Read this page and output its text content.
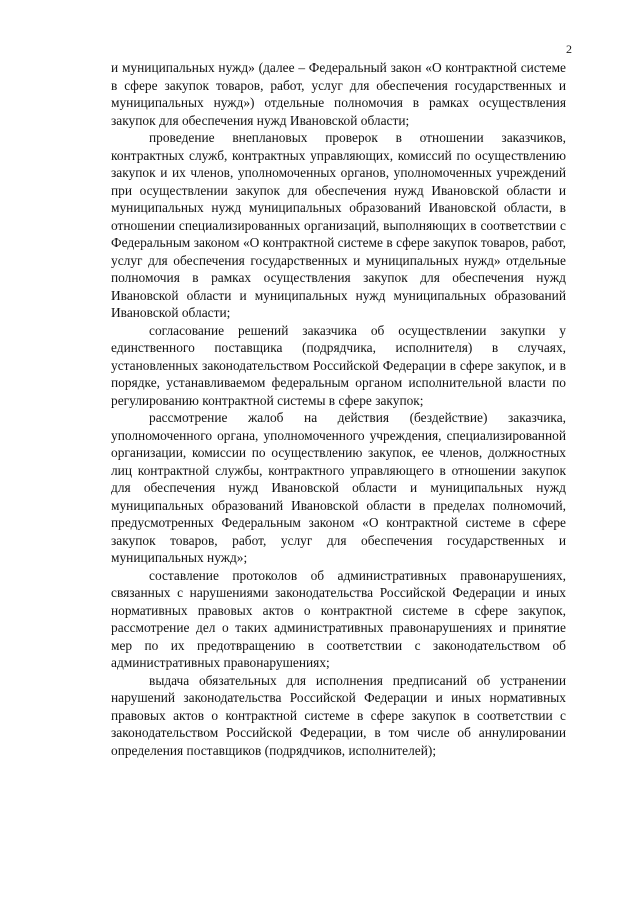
2

и муниципальных нужд» (далее – Федеральный закон «О контрактной системе в сфере закупок товаров, работ, услуг для обеспечения государственных и муниципальных нужд») отдельные полномочия в рамках осуществления закупок для обеспечения нужд Ивановской области;

проведение внеплановых проверок в отношении заказчиков, контрактных служб, контрактных управляющих, комиссий по осуществлению закупок и их членов, уполномоченных органов, уполномоченных учреждений при осуществлении закупок для обеспечения нужд Ивановской области и муниципальных нужд муниципальных образований Ивановской области, в отношении специализированных организаций, выполняющих в соответствии с Федеральным законом «О контрактной системе в сфере закупок товаров, работ, услуг для обеспечения государственных и муниципальных нужд» отдельные полномочия в рамках осуществления закупок для обеспечения нужд Ивановской области и муниципальных нужд муниципальных образований Ивановской области;

согласование решений заказчика об осуществлении закупки у единственного поставщика (подрядчика, исполнителя) в случаях, установленных законодательством Российской Федерации в сфере закупок, и в порядке, устанавливаемом федеральным органом исполнительной власти по регулированию контрактной системы в сфере закупок;

рассмотрение жалоб на действия (бездействие) заказчика, уполномоченного органа, уполномоченного учреждения, специализированной организации, комиссии по осуществлению закупок, ее членов, должностных лиц контрактной службы, контрактного управляющего в отношении закупок для обеспечения нужд Ивановской области и муниципальных нужд муниципальных образований Ивановской области в пределах полномочий, предусмотренных Федеральным законом «О контрактной системе в сфере закупок товаров, работ, услуг для обеспечения государственных и муниципальных нужд»;

составление протоколов об административных правонарушениях, связанных с нарушениями законодательства Российской Федерации и иных нормативных правовых актов о контрактной системе в сфере закупок, рассмотрение дел о таких административных правонарушениях и принятие мер по их предотвращению в соответствии с законодательством об административных правонарушениях;

выдача обязательных для исполнения предписаний об устранении нарушений законодательства Российской Федерации и иных нормативных правовых актов о контрактной системе в сфере закупок в соответствии с законодательством Российской Федерации, в том числе об аннулировании определения поставщиков (подрядчиков, исполнителей);
